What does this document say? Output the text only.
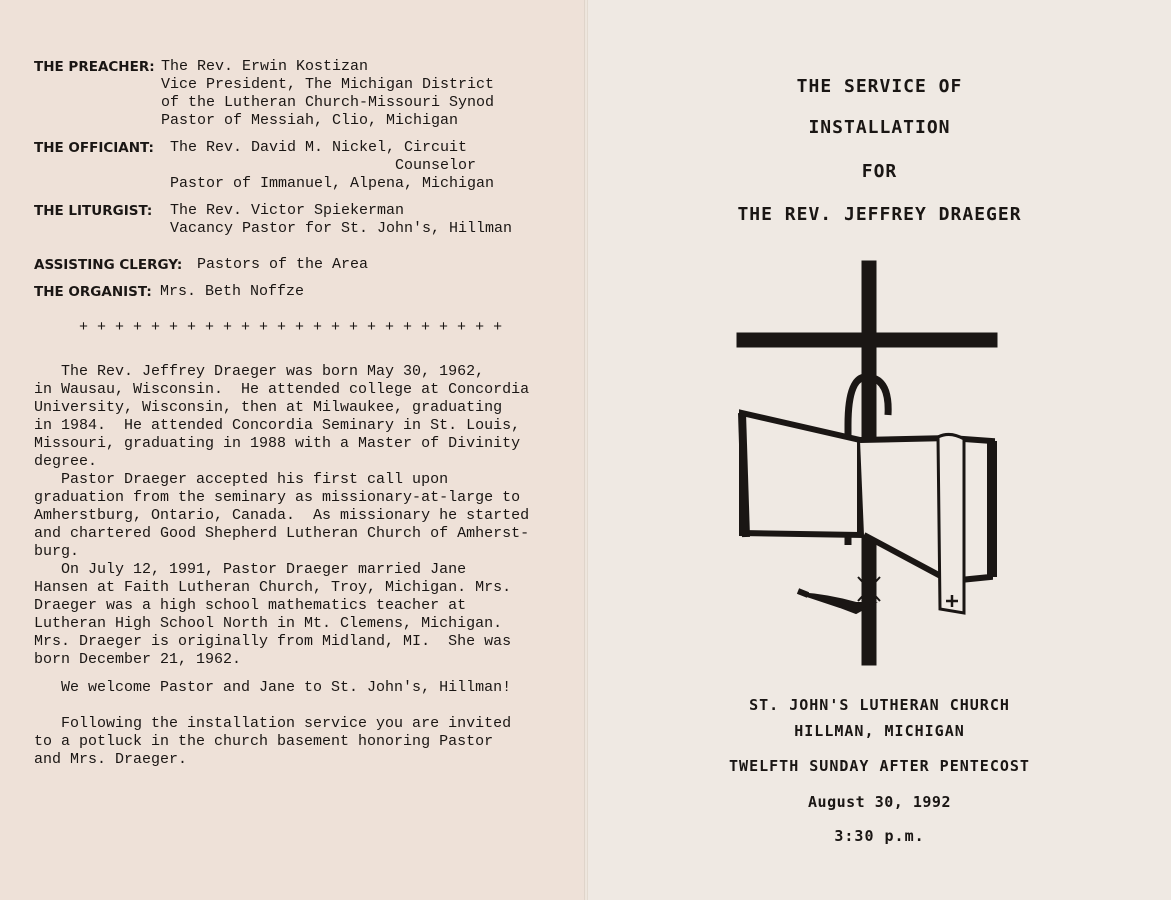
THE PREACHER: The Rev. Erwin Kostizan
Vice President, The Michigan District
of the Lutheran Church-Missouri Synod
Pastor of Messiah, Clio, Michigan
THE OFFICIANT: The Rev. David M. Nickel, Circuit
Counselor
Pastor of Immanuel, Alpena, Michigan
THE LITURGIST: The Rev. Victor Spiekerman
Vacancy Pastor for St. John's, Hillman
ASSISTING CLERGY: Pastors of the Area
THE ORGANIST: Mrs. Beth Noffze
+ + + + + + + + + + + + + + + + + + + + + + + +
The Rev. Jeffrey Draeger was born May 30, 1962,
in Wausau, Wisconsin.  He attended college at Concordia
University, Wisconsin, then at Milwaukee, graduating
in 1984.  He attended Concordia Seminary in St. Louis,
Missouri, graduating in 1988 with a Master of Divinity
degree.
Pastor Draeger accepted his first call upon
graduation from the seminary as missionary-at-large to
Amherstburg, Ontario, Canada.  As missionary he started
and chartered Good Shepherd Lutheran Church of Amherst-
burg.
On July 12, 1991, Pastor Draeger married Jane
Hansen at Faith Lutheran Church, Troy, Michigan. Mrs.
Draeger was a high school mathematics teacher at
Lutheran High School North in Mt. Clemens, Michigan.
Mrs. Draeger is originally from Midland, MI.  She was
born December 21, 1962.
We welcome Pastor and Jane to St. John's, Hillman!
Following the installation service you are invited
to a potluck in the church basement honoring Pastor
and Mrs. Draeger.
THE SERVICE OF
INSTALLATION
FOR
THE REV. JEFFREY DRAEGER
ST. JOHN'S LUTHERAN CHURCH
HILLMAN, MICHIGAN
TWELFTH SUNDAY AFTER PENTECOST
August 30, 1992
3:30 p.m.
